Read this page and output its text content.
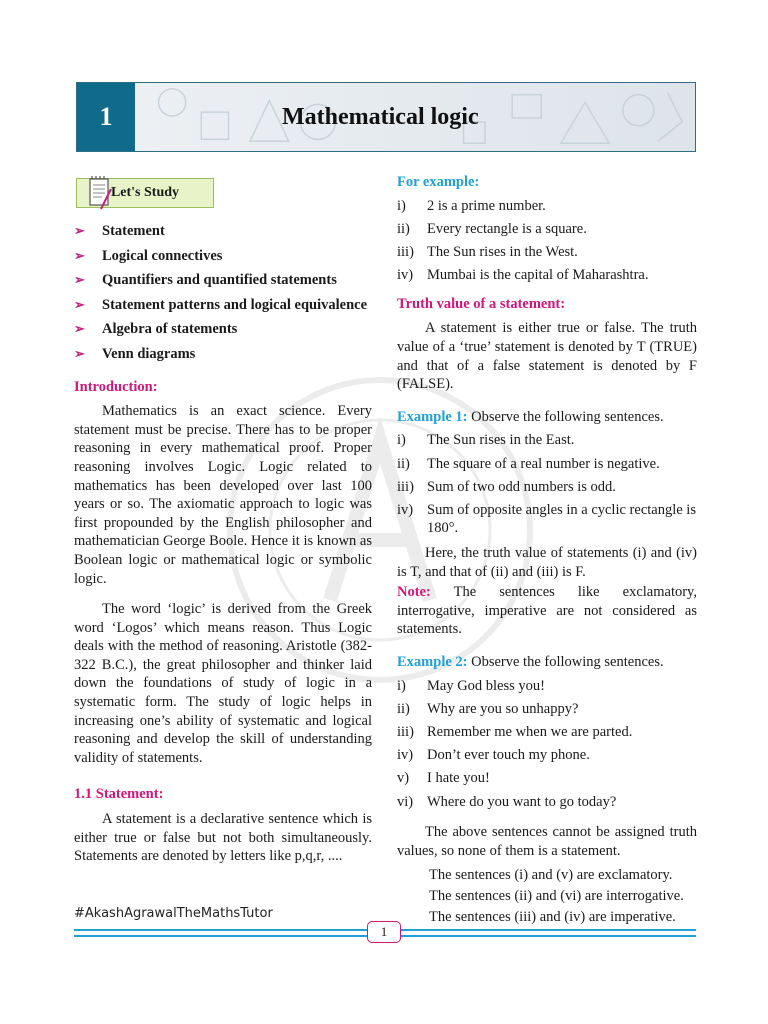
1	Mathematical logic
Let's Study
➢	Statement
➢	Logical connectives
➢	Quantifiers and quantified statements
➢	Statement patterns and logical equivalence
➢	Algebra of statements
➢	Venn diagrams
Introduction:

Mathematics is an exact science. Every statement must be precise. There has to be proper reasoning in every mathematical proof. Proper reasoning involves Logic. Logic related to mathematics has been developed over last 100 years or so. The axiomatic approach to logic was first propounded by the English philosopher and mathematician George Boole. Hence it is known as Boolean logic or mathematical logic or symbolic logic.

The word ‘logic’ is derived from the Greek word ‘Logos’ which means reason. Thus Logic deals with the method of reasoning. Aristotle (382-322 B.C.), the great philosopher and thinker laid down the foundations of study of logic in a systematic form. The study of logic helps in increasing one’s ability of systematic and logical reasoning and develop the skill of understanding validity of statements.

1.1 Statement:

A statement is a declarative sentence which is either true or false but not both simultaneously. Statements are denoted by letters like p,q,r, ....

For example:
i)	2 is a prime number.
ii)	Every rectangle is a square.
iii) The Sun rises in the West.
iv) Mumbai is the capital of Maharashtra.
Truth value of a statement:

A statement is either true or false. The truth value of a ‘true’ statement is denoted by T (TRUE) and that of a false statement is denoted by F (FALSE).

Example 1: Observe the following sentences.
i)	The Sun rises in the East.
ii)	The square of a real number is negative.
iii) Sum of two odd numbers is odd.
iv) Sum of opposite angles in a cyclic rectangle is 180°.

Here, the truth value of statements (i) and (iv) is T, and that of (ii) and (iii) is F.

Note: The sentences like exclamatory, interrogative, imperative are not considered as statements.

Example 2: Observe the following sentences.
i)	May God bless you!
ii)	Why are you so unhappy?
iii) Remember me when we are parted.
iv) Don’t ever touch my phone.
v)	I hate you!
vi) Where do you want to go today?

The above sentences cannot be assigned truth values, so none of them is a statement.

The sentences (i) and (v) are exclamatory.
The sentences (ii) and (vi) are interrogative.
The sentences (iii) and (iv) are imperative.
#AkashAgrawalTheMathsTutor
1
